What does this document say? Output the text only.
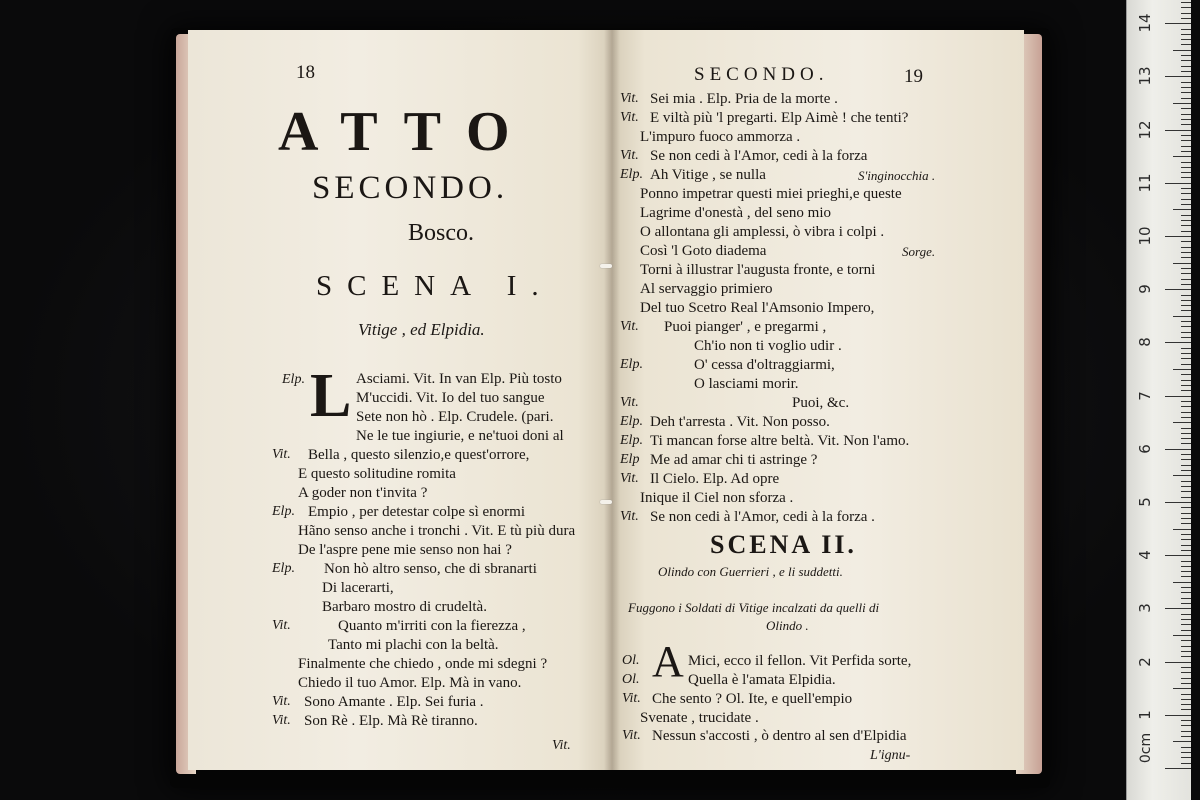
18
ATTO
SECONDO.
Bosco.
SCENA I.
Vitige , ed Elpidia.
L
Elp.	Asciami. Vit. In van Elp. Più tosto
M'uccidi. Vit. Io del tuo sangue
Sete non hò . Elp. Crudele. (pari.
Ne le tue ingiurie, e ne'tuoi doni al
Vit. Bella , questo silenzio,e quest'orrore,
E questo solitudine romita
A goder non t'invita ?
Elp. Empio , per detestar colpe sì enormi
Hãno senso anche i tronchi . Vit. E tù più dura
De l'aspre pene mie senso non hai ?
Elp. Non hò altro senso, che di sbranarti
Di lacerarti,
Barbaro mostro di crudeltà.
Vit.	Quanto m'irriti con la fierezza ,
Tanto mi plachi con la beltà.
Finalmente che chiedo , onde mi sdegni ?
Chiedo il tuo Amor. Elp. Mà in vano.
Vit. Sono Amante . Elp. Sei furia .
Vit. Son Rè . Elp. Mà Rè tiranno.
Vit.
SECONDO.	19
Vit. Sei mia . Elp. Pria de la morte .
Vit. E viltà più 'l pregarti. Elp Aimè ! che tenti?
L'impuro fuoco ammorza .
Vit. Se non cedi à l'Amor, cedi à la forza
Elp. Ah Vitige , se nulla	S'inginocchia .
Ponno impetrar questi miei prieghi,e queste
Lagrime d'onestà , del seno mio
O allontana gli amplessi, ò vibra i colpi .
Così 'l Goto diadema	Sorge.
Torni à illustrar l'augusta fronte, e torni
Al servaggio primiero
Del tuo Scetro Real l'Amsonio Impero,
Vit. Puoi pianger' , e pregarmi ,
Ch'io non ti voglio udir .
Elp.	O' cessa d'oltraggiarmi,
O lasciami morir.
Vit.	Puoi, &c.
Elp. Deh t'arresta . Vit. Non posso.
Elp. Ti mancan forse altre beltà. Vit. Non l'amo.
Elp Me ad amar chi ti astringe ?
Vit. Il Cielo. Elp. Ad opre
Inique il Ciel non sforza .
Vit. Se non cedi à l'Amor, cedi à la forza .
SCENA II.
Olindo con Guerrieri , e li suddetti.
Fuggono i Soldati di Vitige incalzati da quelli di
Olindo .
A
Ol.	Mici, ecco il fellon. Vit Perfida sorte,
Ol.	Quella è l'amata Elpidia.
Vit. Che sento ? Ol. Ite, e quell'empio
Svenate , trucidate .
Vit. Nessun s'accosti , ò dentro al sen d'Elpidia
L'ignu-
1
2
3
4
5
6
7
8
9
10
11
12
13
14
0cm
